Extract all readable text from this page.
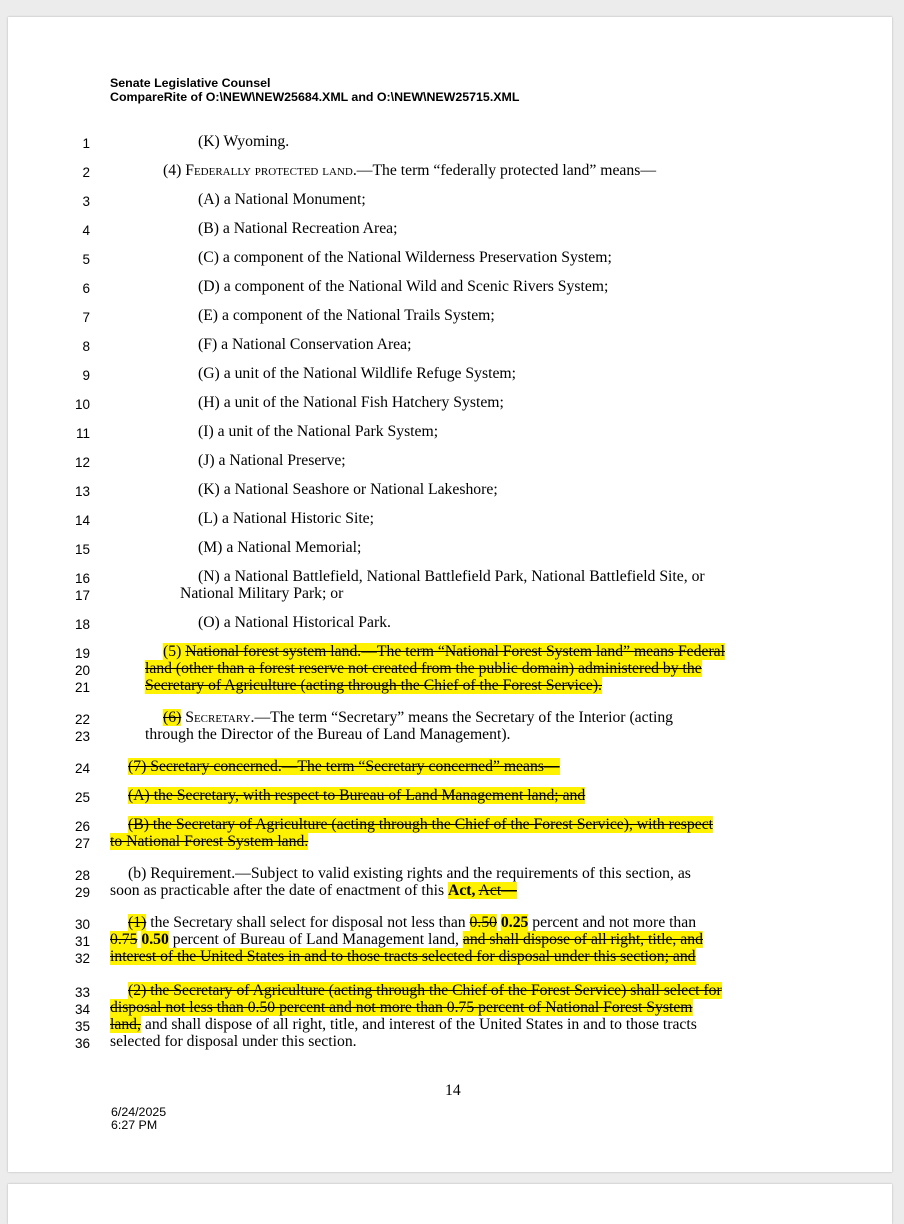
Senate Legislative Counsel
CompareRite of O:\NEW\NEW25684.XML and O:\NEW\NEW25715.XML
1
2
3
4
5
6
7
8
9
10
11
12
13
14
15
16
17
18
19
20
21
22
23
24
25
26
27
28
29
30
31
32
33
34
35
36
(K) Wyoming.
(4) Federally protected land.—The term “federally protected land” means—
(A) a National Monument;
(B) a National Recreation Area;
(C) a component of the National Wilderness Preservation System;
(D) a component of the National Wild and Scenic Rivers System;
(E) a component of the National Trails System;
(F) a National Conservation Area;
(G) a unit of the National Wildlife Refuge System;
(H) a unit of the National Fish Hatchery System;
(I) a unit of the National Park System;
(J) a National Preserve;
(K) a National Seashore or National Lakeshore;
(L) a National Historic Site;
(M) a National Memorial;
(N) a National Battlefield, National Battlefield Park, National Battlefield Site, or
National Military Park; or
(O) a National Historical Park.
(5) National forest system land.—The term “National Forest System land” means Federal
land (other than a forest reserve not created from the public domain) administered by the
Secretary of Agriculture (acting through the Chief of the Forest Service).
(6) Secretary.—The term “Secretary” means the Secretary of the Interior (acting
through the Director of the Bureau of Land Management).
(7) Secretary concerned.—The term “Secretary concerned” means—
(A) the Secretary, with respect to Bureau of Land Management land; and
(B) the Secretary of Agriculture (acting through the Chief of the Forest Service), with respect
to National Forest System land.
(b) Requirement.—Subject to valid existing rights and the requirements of this section, as
soon as practicable after the date of enactment of this Act, Act—
(1) the Secretary shall select for disposal not less than 0.50 0.25 percent and not more than
0.75 0.50 percent of Bureau of Land Management land, and shall dispose of all right, title, and
interest of the United States in and to those tracts selected for disposal under this section; and
(2) the Secretary of Agriculture (acting through the Chief of the Forest Service) shall select for
disposal not less than 0.50 percent and not more than 0.75 percent of National Forest System
land, and shall dispose of all right, title, and interest of the United States in and to those tracts
selected for disposal under this section.
14
6/24/2025
6:27 PM
